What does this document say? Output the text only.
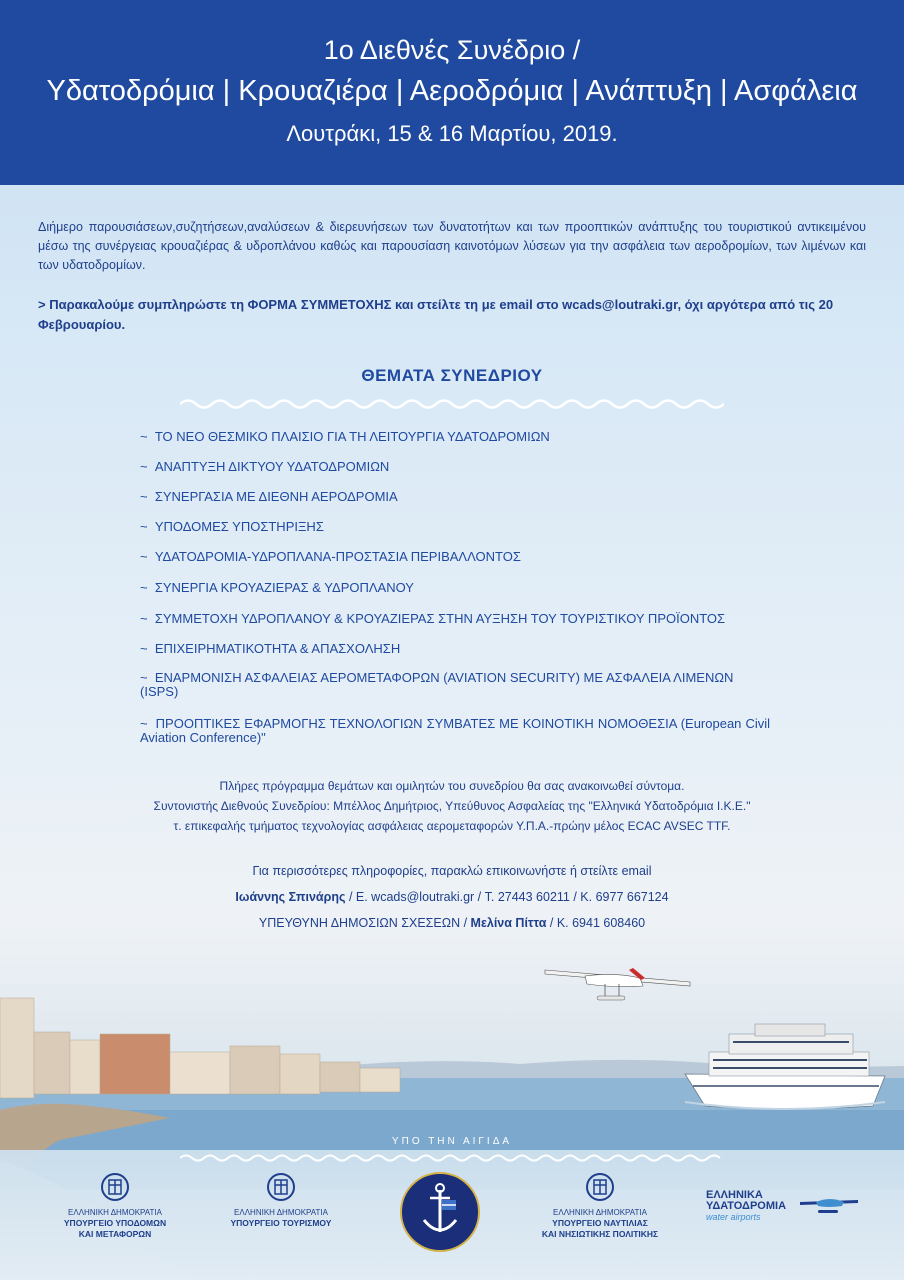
1ο Διεθνές Συνέδριο /
Υδατοδρόμια | Κρουαζιέρα | Αεροδρόμια | Ανάπτυξη | Ασφάλεια
Λουτράκι, 15 & 16 Μαρτίου, 2019.

Διήμερο παρουσιάσεων,συζητήσεων,αναλύσεων & διερευνήσεων των δυνατοτήτων και των προοπτικών ανάπτυξης του τουριστικού αντικειμένου μέσω της συνέργειας κρουαζιέρας & υδροπλάνου καθώς και παρουσίαση καινοτόμων λύσεων για την ασφάλεια των αεροδρομίων, των λιμένων και των υδατοδρομίων.

> Παρακαλούμε συμπληρώστε τη ΦΟΡΜΑ ΣΥΜΜΕΤΟΧΗΣ και στείλτε τη με email στο wcads@loutraki.gr, όχι αργότερα από τις 20 Φεβρουαρίου.

ΘΕΜΑΤΑ ΣΥΝΕΔΡΙΟΥ
~  ΤΟ ΝΕΟ ΘΕΣΜΙΚΟ ΠΛΑΙΣΙΟ ΓΙΑ ΤΗ ΛΕΙΤΟΥΡΓΙΑ ΥΔΑΤΟΔΡΟΜΙΩΝ
~  ΑΝΑΠΤΥΞΗ ΔΙΚΤΥΟΥ ΥΔΑΤΟΔΡΟΜΙΩΝ
~  ΣΥΝΕΡΓΑΣΙΑ ΜΕ ΔΙΕΘΝΗ ΑΕΡΟΔΡΟΜΙΑ
~  ΥΠΟΔΟΜΕΣ ΥΠΟΣΤΗΡΙΞΗΣ
~  ΥΔΑΤΟΔΡΟΜΙΑ-ΥΔΡΟΠΛΑΝΑ-ΠΡΟΣΤΑΣΙΑ ΠΕΡΙΒΑΛΛΟΝΤΟΣ
~  ΣΥΝΕΡΓΙΑ ΚΡΟΥΑΖΙΕΡΑΣ & ΥΔΡΟΠΛΑΝΟΥ
~  ΣΥΜΜΕΤΟΧΗ ΥΔΡΟΠΛΑΝΟΥ & ΚΡΟΥΑΖΙΕΡΑΣ ΣΤΗΝ ΑΥΞΗΣΗ ΤΟΥ ΤΟΥΡΙΣΤΙΚΟΥ ΠΡΟΪΟΝΤΟΣ
~  ΕΠΙΧΕΙΡΗΜΑΤΙΚΟΤΗΤΑ & ΑΠΑΣΧΟΛΗΣΗ
~  ΕΝΑΡΜΟΝΙΣΗ ΑΣΦΑΛΕΙΑΣ ΑΕΡΟΜΕΤΑΦΟΡΩΝ (AVIATION SECURITY) ΜΕ ΑΣΦΑΛΕΙΑ ΛΙΜΕΝΩΝ (ISPS)
~  ΠΡΟΟΠΤΙΚΕΣ ΕΦΑΡΜΟΓΗΣ ΤΕΧΝΟΛΟΓΙΩΝ ΣΥΜΒΑΤΕΣ ΜΕ ΚΟΙΝΟΤΙΚΗ ΝΟΜΟΘΕΣΙΑ (European Civil Aviation Conference)"
Πλήρες πρόγραμμα θεμάτων και ομιλητών του συνεδρίου θα σας ανακοινωθεί σύντομα.
Συντονιστής Διεθνούς Συνεδρίου: Μπέλλος Δημήτριος, Υπεύθυνος Ασφαλείας της "Ελληνικά Υδατοδρόμια Ι.Κ.Ε."
τ. επικεφαλής τμήματος τεχνολογίας ασφάλειας αερομεταφορών Υ.Π.Α.-πρώην μέλος ECAC AVSEC TTF.
Για περισσότερες πληροφορίες, παρακλώ επικοινωνήστε ή στείλτε email
Ιωάννης Σπινάρης / Ε. wcads@loutraki.gr / Τ. 27443 60211 / Κ. 6977 667124
ΥΠΕΥΘΥΝΗ ΔΗΜΟΣΙΩΝ ΣΧΕΣΕΩΝ / Μελίνα Πίττα / Κ. 6941 608460
ΥΠΟ ΤΗΝ ΑΙΓΙΔΑ
ΕΛΛΗΝΙΚΗ ΔΗΜΟΚΡΑΤΙΑ
ΥΠΟΥΡΓΕΙΟ ΥΠΟΔΟΜΩΝ
ΚΑΙ ΜΕΤΑΦΟΡΩΝ
ΕΛΛΗΝΙΚΗ ΔΗΜΟΚΡΑΤΙΑ
ΥΠΟΥΡΓΕΙΟ ΤΟΥΡΙΣΜΟΥ
ΕΛΛΗΝΙΚΗ ΔΗΜΟΚΡΑΤΙΑ
ΥΠΟΥΡΓΕΙΟ ΝΑΥΤΙΛΙΑΣ
ΚΑΙ ΝΗΣΙΩΤΙΚΗΣ ΠΟΛΙΤΙΚΗΣ
ΕΛΛΗΝΙΚΑ
ΥΔΑΤΟΔΡΟΜΙΑ
water airports
